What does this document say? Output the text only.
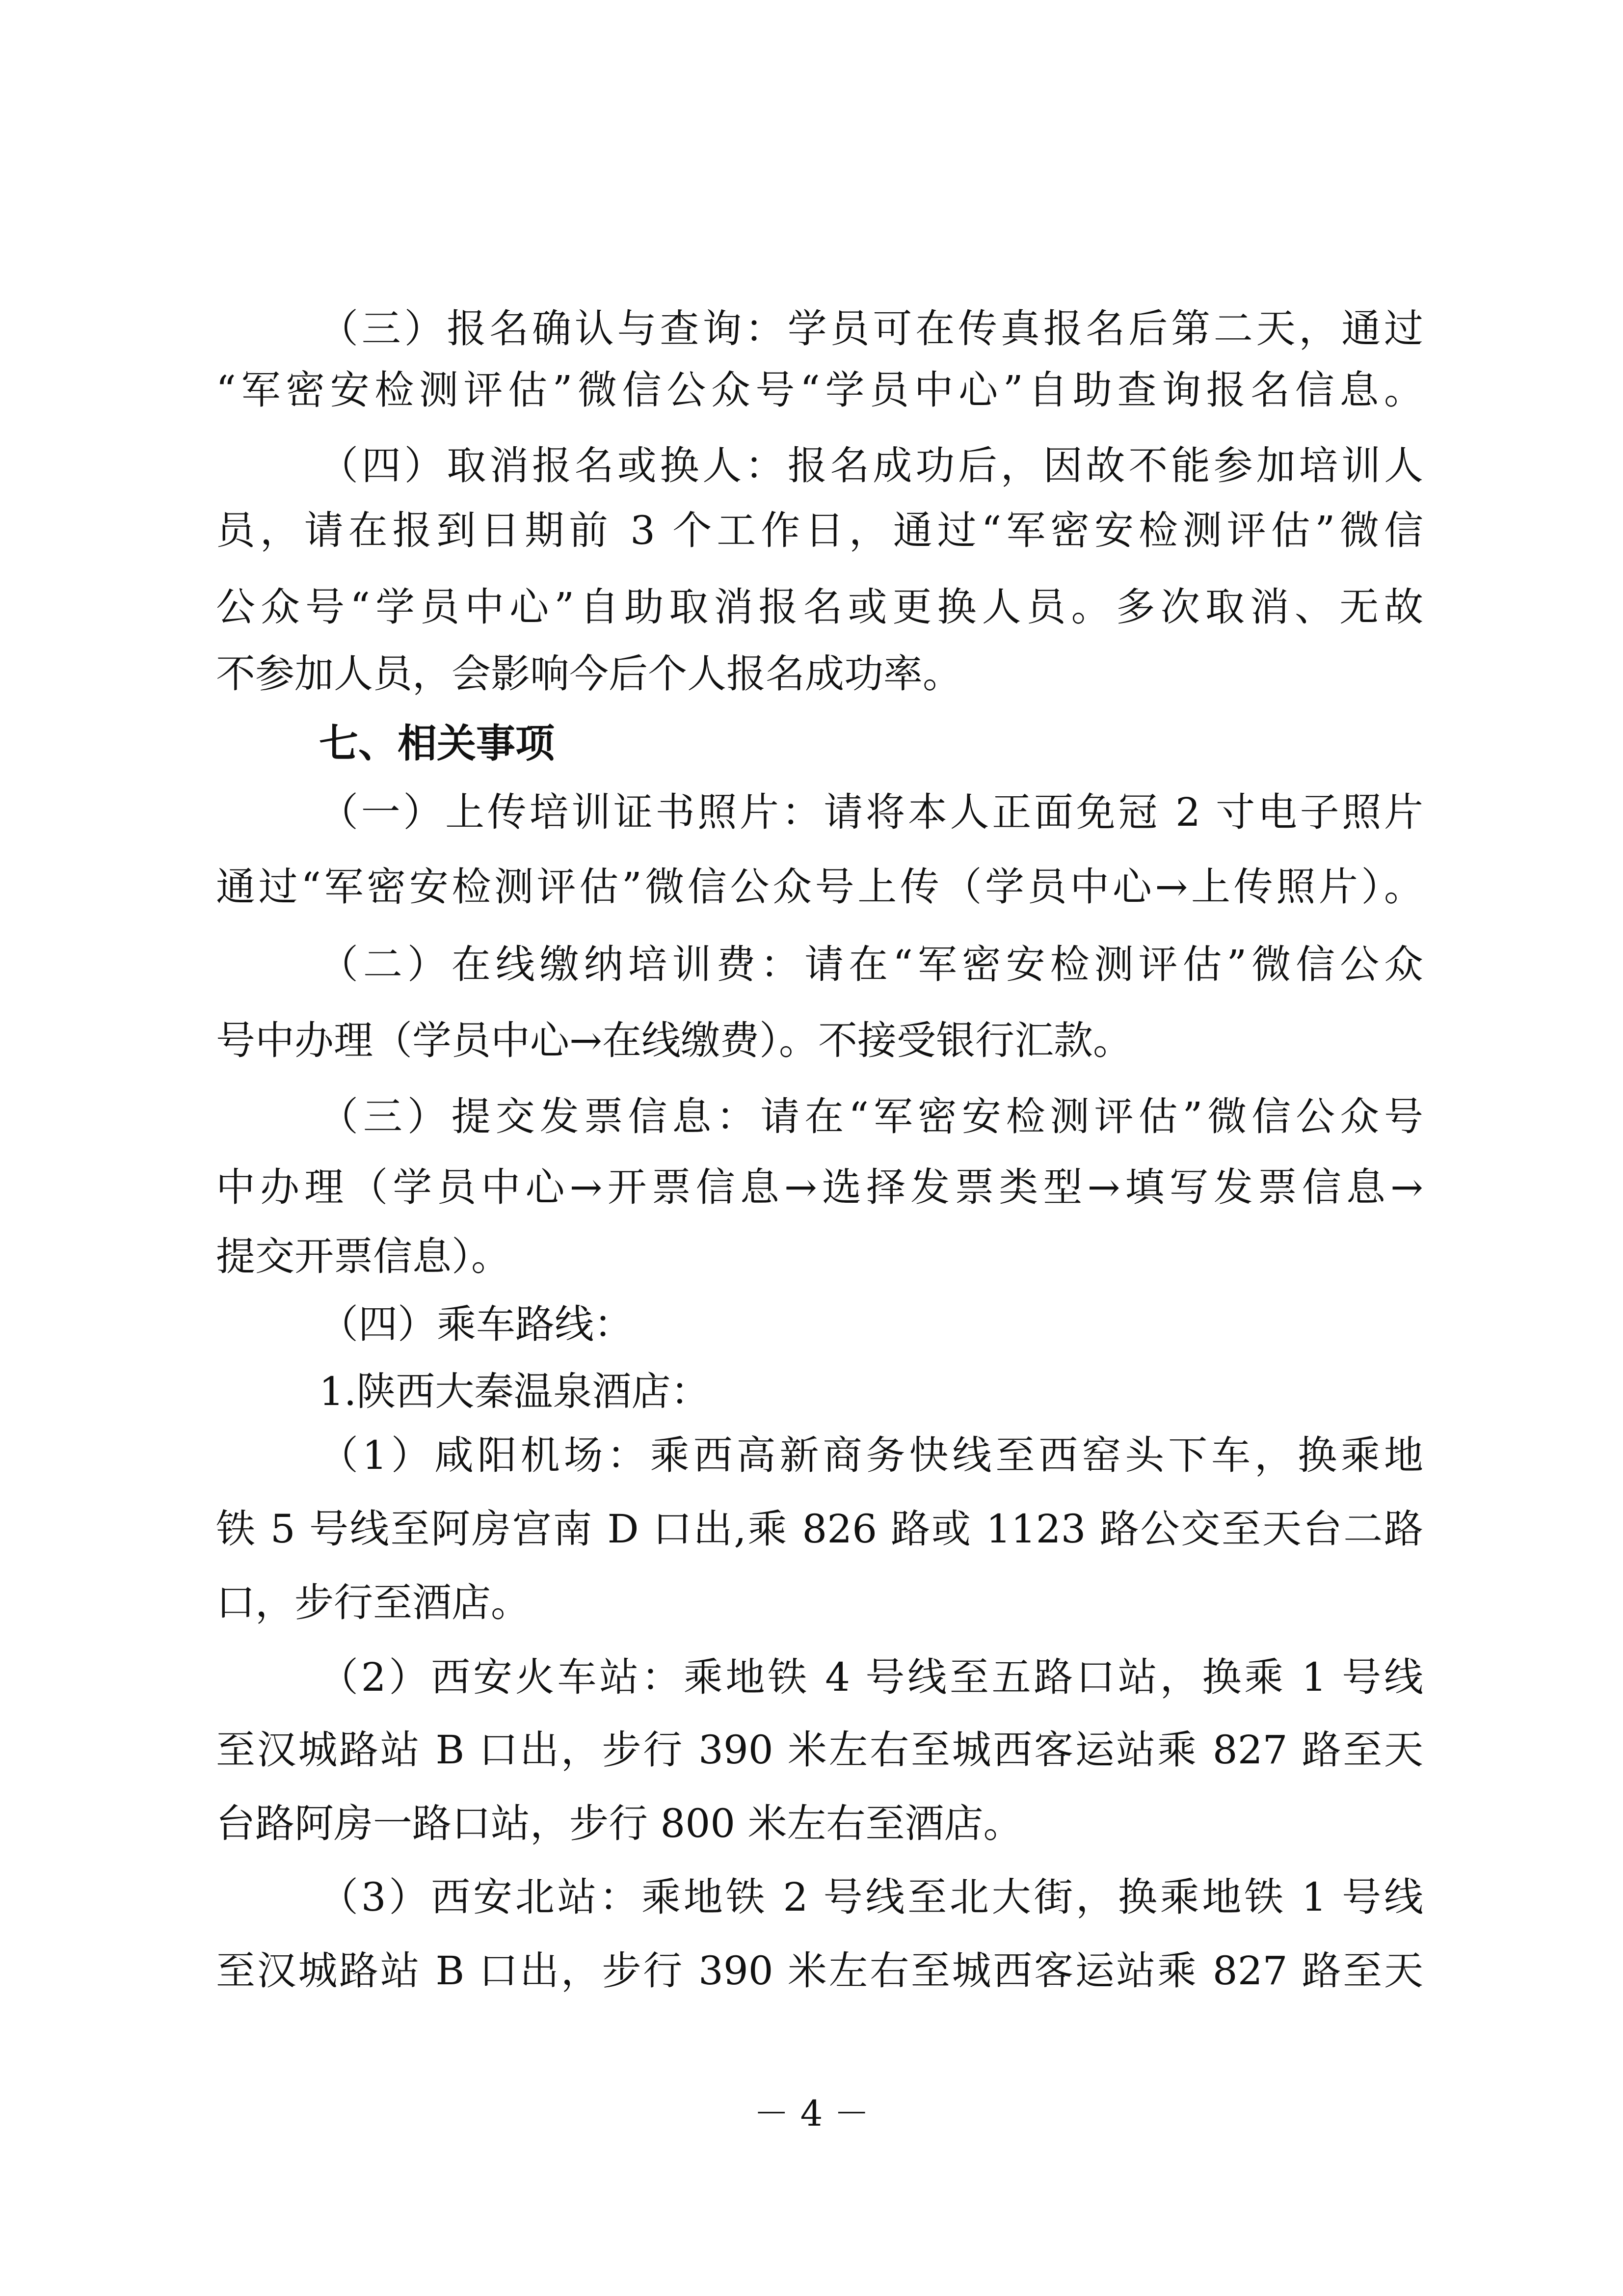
（三）报名确认与查询：学员可在传真报名后第二天，通过
“军密安检测评估”微信公众号“学员中心”自助查询报名信息。
（四）取消报名或换人：报名成功后，因故不能参加培训人
员，请在报到日期前 3 个工作日，通过“军密安检测评估”微信
公众号“学员中心”自助取消报名或更换人员。多次取消、无故
不参加人员，会影响今后个人报名成功率。
七、相关事项
（一）上传培训证书照片：请将本人正面免冠 2 寸电子照片
通过“军密安检测评估”微信公众号上传（学员中心→上传照片）。
（二）在线缴纳培训费：请在“军密安检测评估”微信公众
号中办理（学员中心→在线缴费）。不接受银行汇款。
（三）提交发票信息：请在“军密安检测评估”微信公众号
中办理（学员中心→开票信息→选择发票类型→填写发票信息→
提交开票信息）。
（四）乘车路线：
1.陕西大秦温泉酒店：
（1）咸阳机场：乘西高新商务快线至西窑头下车，换乘地
铁 5 号线至阿房宫南 D 口出,乘 826 路或 1123 路公交至天台二路
口，步行至酒店。
（2）西安火车站：乘地铁 4 号线至五路口站，换乘 1 号线
至汉城路站 B 口出，步行 390 米左右至城西客运站乘 827 路至天
台路阿房一路口站，步行 800 米左右至酒店。
（3）西安北站：乘地铁 2 号线至北大街，换乘地铁 1 号线
至汉城路站 B 口出，步行 390 米左右至城西客运站乘 827 路至天
－ 4 －
